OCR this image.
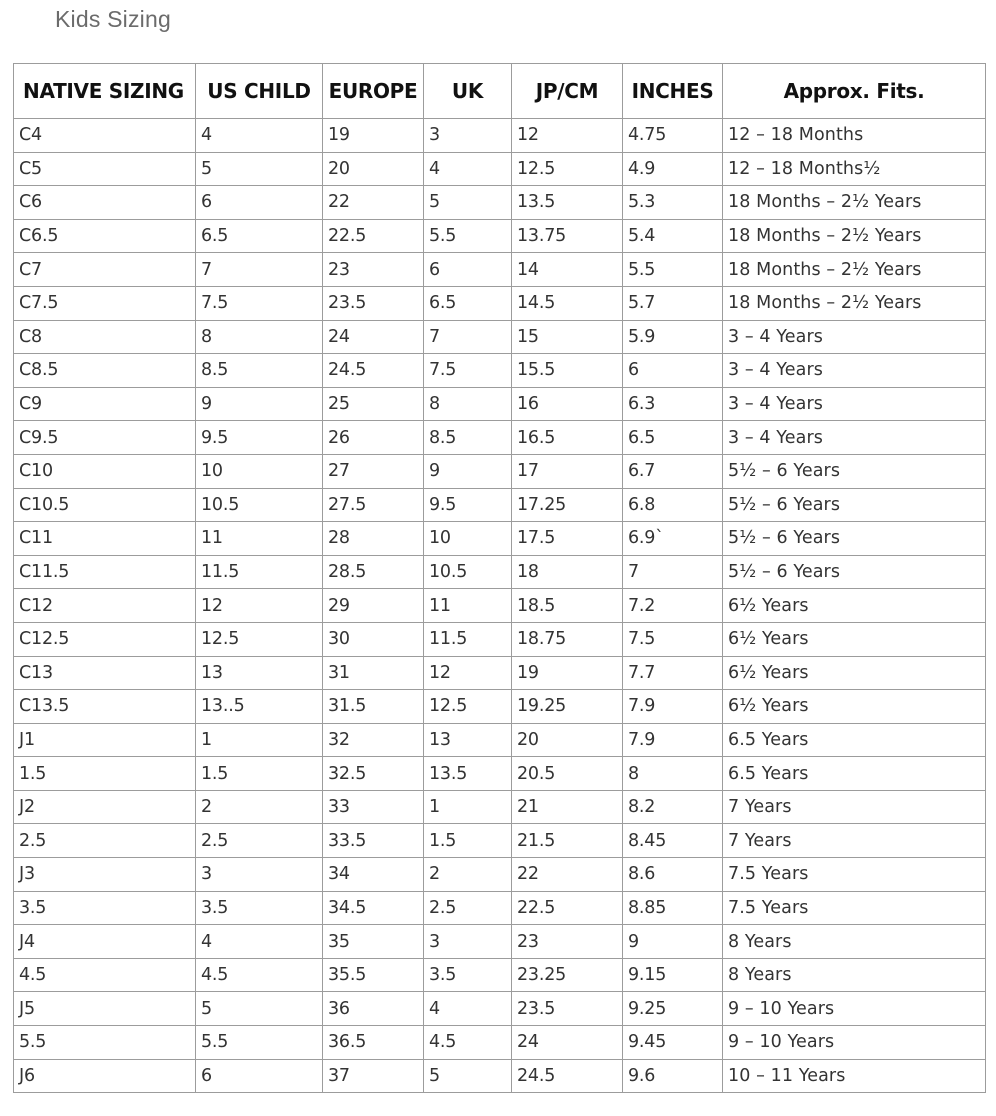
Kids Sizing
NATIVE SIZING	US CHILD	EUROPE	UK	JP/CM	INCHES	Approx. Fits.
C4	4	19	3	12	4.75	12 – 18 Months
C5	5	20	4	12.5	4.9	12 – 18 Months½
C6	6	22	5	13.5	5.3	18 Months – 2½ Years
C6.5	6.5	22.5	5.5	13.75	5.4	18 Months – 2½ Years
C7	7	23	6	14	5.5	18 Months – 2½ Years
C7.5	7.5	23.5	6.5	14.5	5.7	18 Months – 2½ Years
C8	8	24	7	15	5.9	3 – 4 Years
C8.5	8.5	24.5	7.5	15.5	6	3 – 4 Years
C9	9	25	8	16	6.3	3 – 4 Years
C9.5	9.5	26	8.5	16.5	6.5	3 – 4 Years
C10	10	27	9	17	6.7	5½ – 6 Years
C10.5	10.5	27.5	9.5	17.25	6.8	5½ – 6 Years
C11	11	28	10	17.5	6.9`	5½ – 6 Years
C11.5	11.5	28.5	10.5	18	7	5½ – 6 Years
C12	12	29	11	18.5	7.2	6½ Years
C12.5	12.5	30	11.5	18.75	7.5	6½ Years
C13	13	31	12	19	7.7	6½ Years
C13.5	13..5	31.5	12.5	19.25	7.9	6½ Years
J1	1	32	13	20	7.9	6.5 Years
1.5	1.5	32.5	13.5	20.5	8	6.5 Years
J2	2	33	1	21	8.2	7 Years
2.5	2.5	33.5	1.5	21.5	8.45	7 Years
J3	3	34	2	22	8.6	7.5 Years
3.5	3.5	34.5	2.5	22.5	8.85	7.5 Years
J4	4	35	3	23	9	8 Years
4.5	4.5	35.5	3.5	23.25	9.15	8 Years
J5	5	36	4	23.5	9.25	9 – 10 Years
5.5	5.5	36.5	4.5	24	9.45	9 – 10 Years
J6	6	37	5	24.5	9.6	10 – 11 Years
